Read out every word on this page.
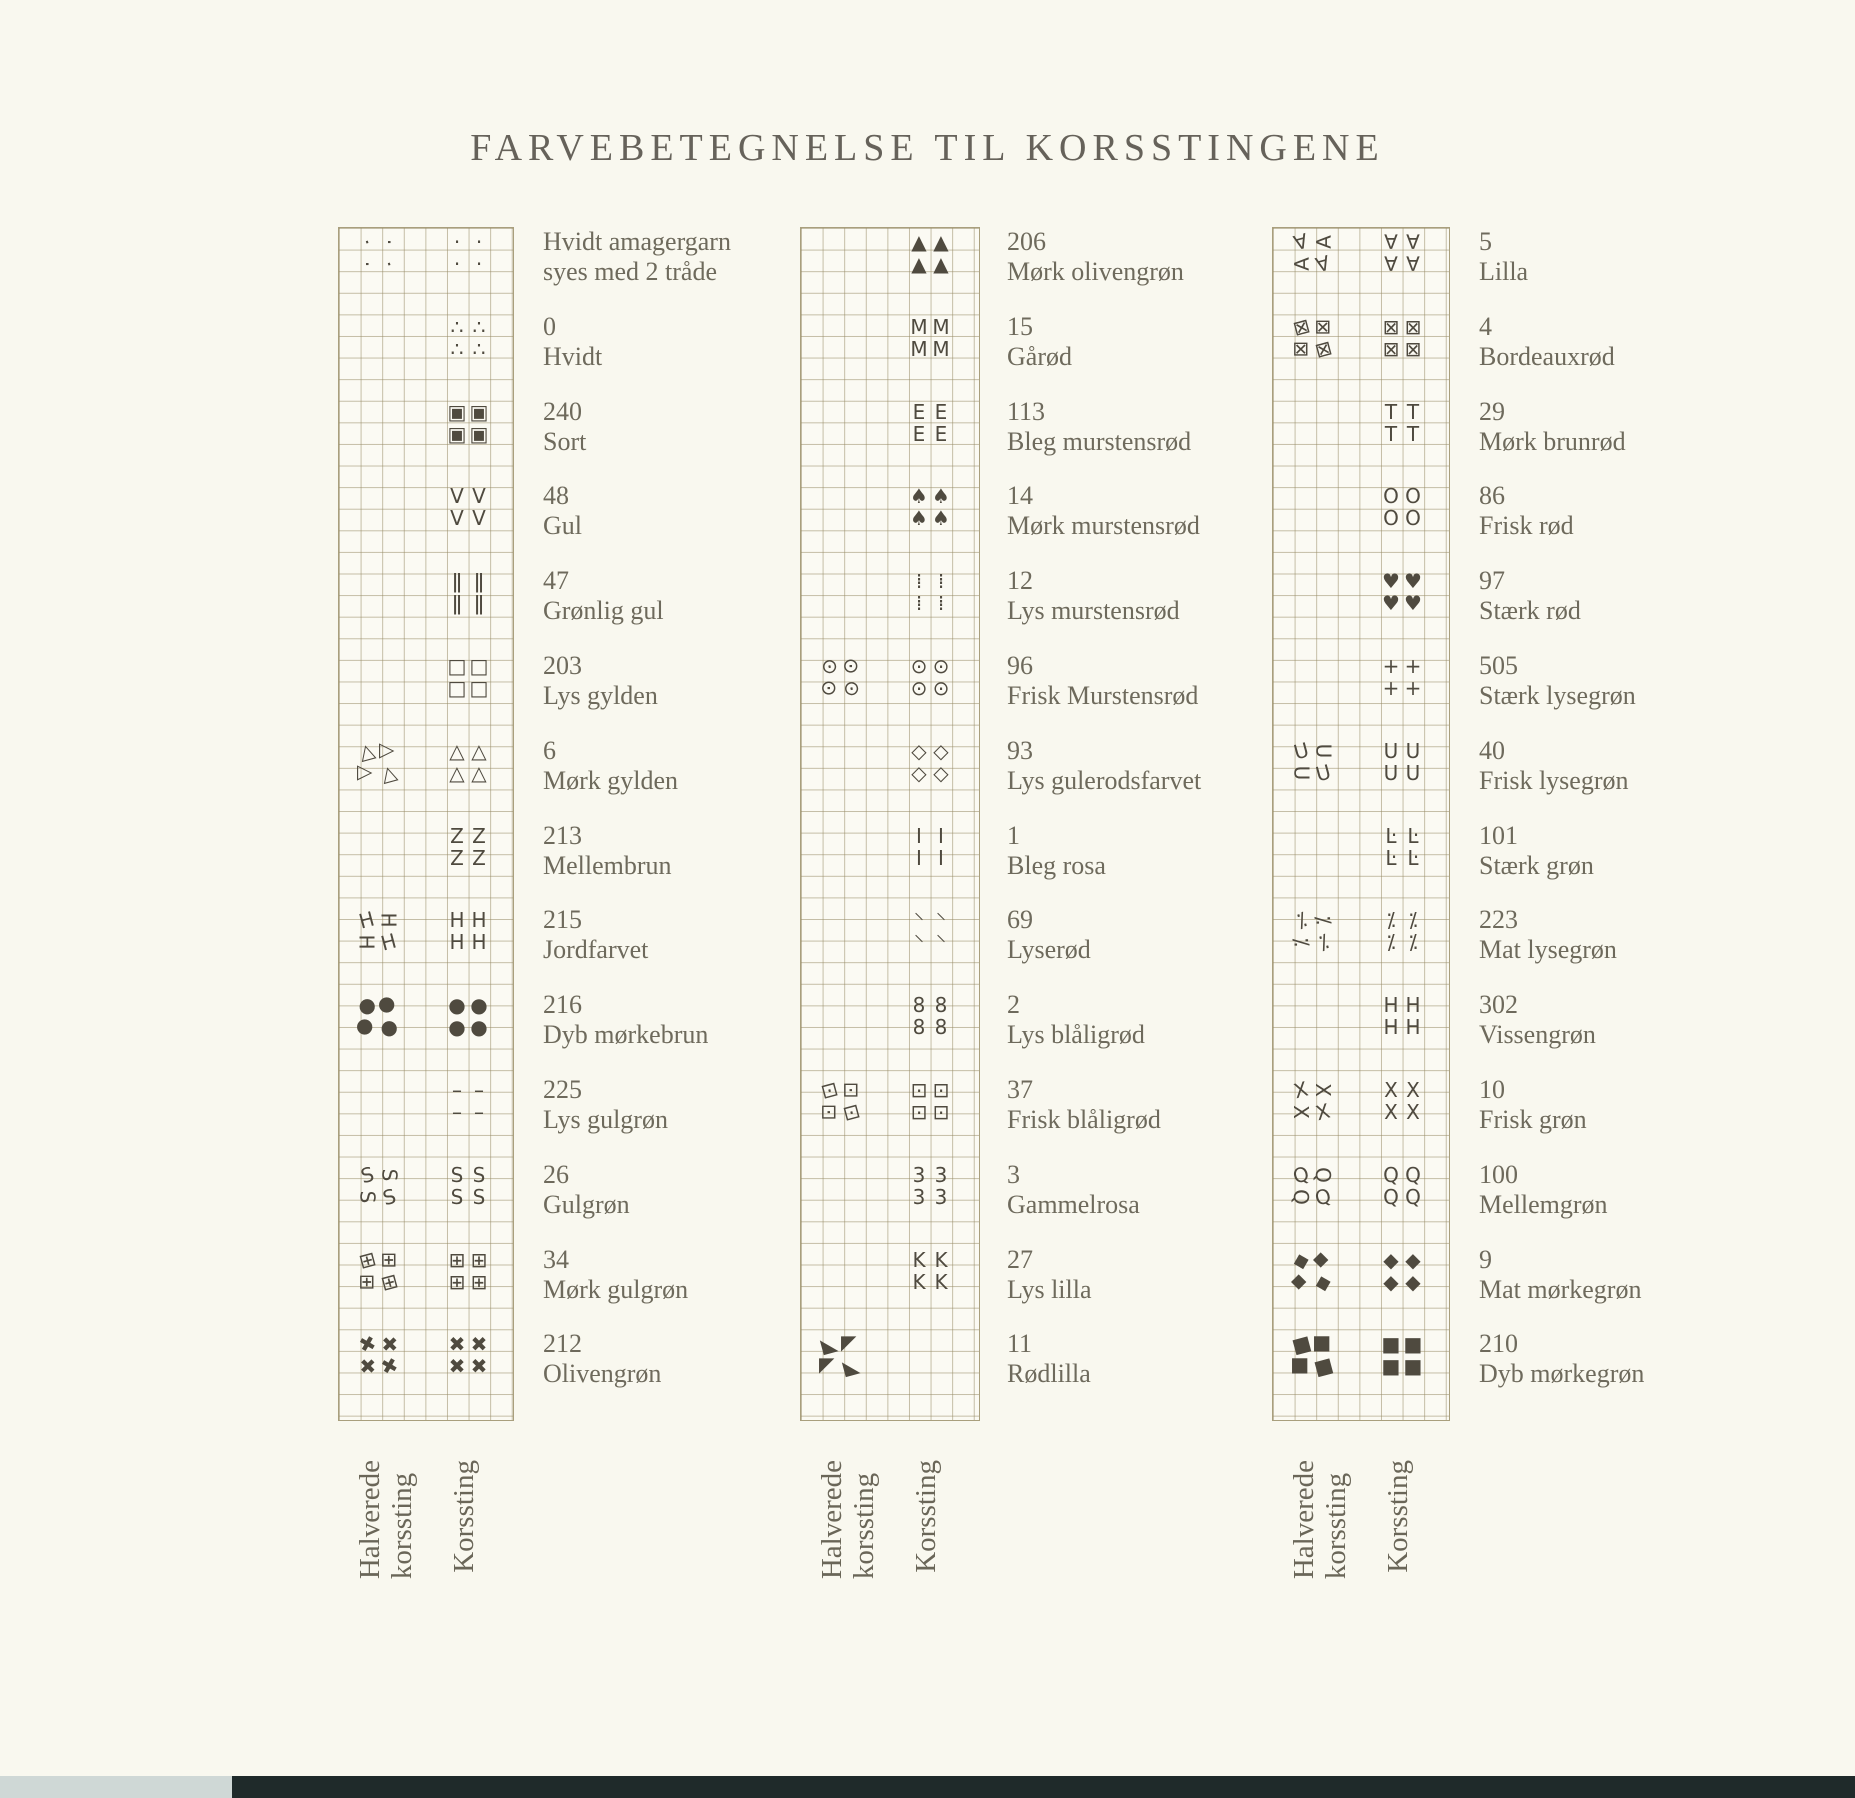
FARVEBETEGNELSE TIL KORSSTINGENE
· ·
· ·
· ·
· ·
Hvidt amagergarn
syes med 2 tråde
∴ ∴
∴ ∴
0
Hvidt
▣ ▣
▣ ▣
240
Sort
V V
V V
48
Gul
ǁ ǁ
ǁ ǁ
47
Grønlig gul
□ □
□ □
203
Lys gylden
△ △
△ △
△ △
△ △
6
Mørk gylden
Z Z
Z Z
213
Mellembrun
H H
H H
H H
H H
215
Jordfarvet
● ●
● ●
●
●
●
●
216
Dyb mørkebrun
– –
– –
225
Lys gulgrøn
S S
S S
S S
S S
26
Gulgrøn
⊞ ⊞
⊞ ⊞
⊞
⊞
⊞
⊞
34
Mørk gulgrøn
✖ ✖
✖ ✖
✖
✖
✖
✖
212
Olivengrøn
Halverede
korssting Korssting
▲ ▲
▲ ▲
206
Mørk olivengrøn
M M
M M
15
Gårød
E E
E E
113
Bleg murstensrød
♠ ♠
♠ ♠
14
Mørk murstensrød
⁞ ⁞
⁞ ⁞
12
Lys murstensrød
⊙ ⊙
⊙ ⊙
⊙
⊙
⊙
⊙
96
Frisk Murstensrød
◇ ◇
◇ ◇
93
Lys gulerodsfarvet
I I
I I
1
Bleg rosa
⸌ ⸌
⸌ ⸌
69
Lyserød
8 8
8 8
2
Lys blåligrød
⊡ ⊡
⊡ ⊡
⊡
⊡
⊡
⊡
37
Frisk blåligrød
3 3
3 3
3
Gammelrosa
K K
K K
27
Lys lilla
◣ ◣
◣ ◣
11
Rødlilla
Halverede
korssting Korssting
∀ ∀
∀ ∀
∀ ∀
∀ ∀
5
Lilla
⊠ ⊠
⊠ ⊠
⊠
⊠
⊠
⊠
4
Bordeauxrød
T T
T T
29
Mørk brunrød
O O
O O
86
Frisk rød
♥ ♥
♥ ♥
97
Stærk rød
+ +
+ +
505
Stærk lysegrøn
U U
U U
U U
U U
40
Frisk lysegrøn
Ŀ Ŀ
Ŀ Ŀ
101
Stærk grøn
⁒ ⁒
⁒ ⁒
⁒ ⁒
⁒ ⁒
223
Mat lysegrøn
H H
H H
302
Vissengrøn
X X
X X
X X
X X
10
Frisk grøn
Q Q
Q Q
Q Q
Q Q
100
Mellemgrøn
◆ ◆
◆ ◆
◆ ◆
◆ ◆
9
Mat mørkegrøn
■ ■
■ ■
■
■
■
■
210
Dyb mørkegrøn
Halverede
korssting Korssting
